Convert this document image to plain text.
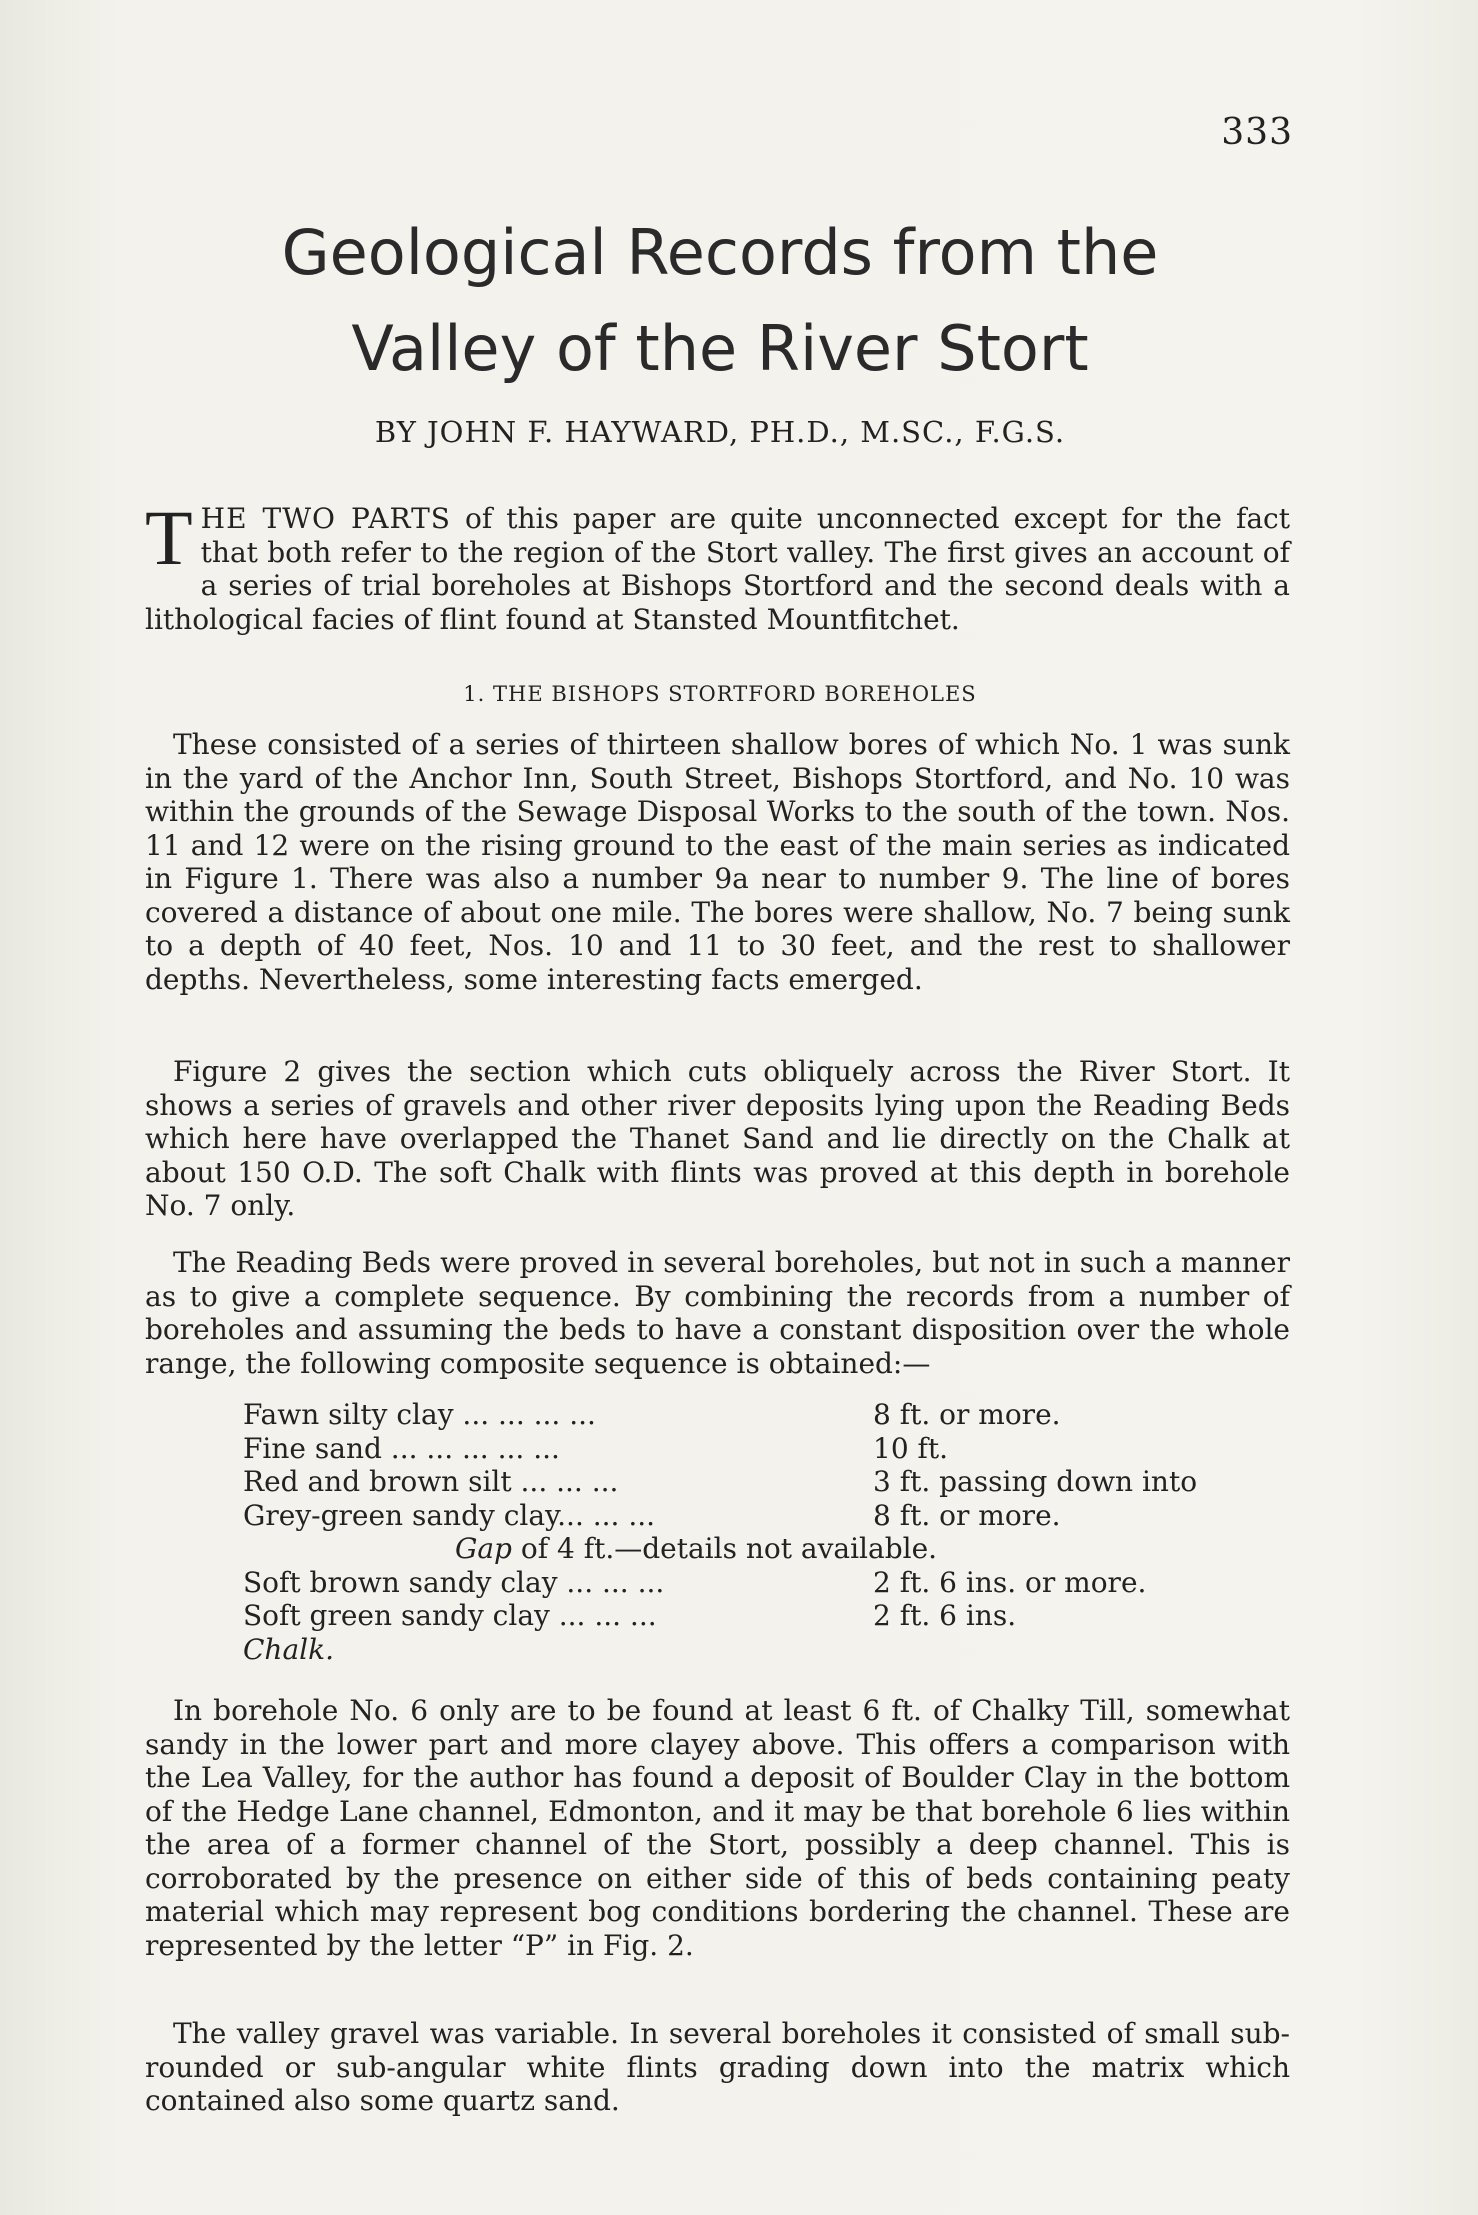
333
Geological Records from the
Valley of the River Stort
BY JOHN F. HAYWARD, PH.D., M.SC., F.G.S.

THE TWO PARTS of this paper are quite unconnected except for the fact that both refer to the region of the Stort valley. The first gives an account of a series of trial boreholes at Bishops Stortford and the second deals with a lithological facies of flint found at Stansted Mountfitchet.

1. THE BISHOPS STORTFORD BOREHOLES

These consisted of a series of thirteen shallow bores of which No. 1 was sunk in the yard of the Anchor Inn, South Street, Bishops Stortford, and No. 10 was within the grounds of the Sewage Disposal Works to the south of the town. Nos. 11 and 12 were on the rising ground to the east of the main series as indicated in Figure 1. There was also a number 9a near to number 9. The line of bores covered a distance of about one mile. The bores were shallow, No. 7 being sunk to a depth of 40 feet, Nos. 10 and 11 to 30 feet, and the rest to shallower depths. Nevertheless, some interesting facts emerged.

Figure 2 gives the section which cuts obliquely across the River Stort. It shows a series of gravels and other river deposits lying upon the Reading Beds which here have overlapped the Thanet Sand and lie directly on the Chalk at about 150 O.D. The soft Chalk with flints was proved at this depth in borehole No. 7 only.

The Reading Beds were proved in several boreholes, but not in such a manner as to give a complete sequence. By combining the records from a number of boreholes and assuming the beds to have a constant disposition over the whole range, the following composite sequence is obtained:—

Fawn silty clay ... ... ... ...	8 ft. or more.
Fine sand ... ... ... ... ...	10 ft.
Red and brown silt ... ... ...	3 ft. passing down into
Grey-green sandy clay... ... ...	8 ft. or more.
Gap of 4 ft.—details not available.
Soft brown sandy clay ... ... ...	2 ft. 6 ins. or more.
Soft green sandy clay ... ... ...	2 ft. 6 ins.
Chalk.

In borehole No. 6 only are to be found at least 6 ft. of Chalky Till, somewhat sandy in the lower part and more clayey above. This offers a comparison with the Lea Valley, for the author has found a deposit of Boulder Clay in the bottom of the Hedge Lane channel, Edmonton, and it may be that borehole 6 lies within the area of a former channel of the Stort, possibly a deep channel. This is corroborated by the presence on either side of this of beds containing peaty material which may represent bog conditions bordering the channel. These are represented by the letter “P” in Fig. 2.

The valley gravel was variable. In several boreholes it consisted of small sub-rounded or sub-angular white flints grading down into the matrix which contained also some quartz sand.
